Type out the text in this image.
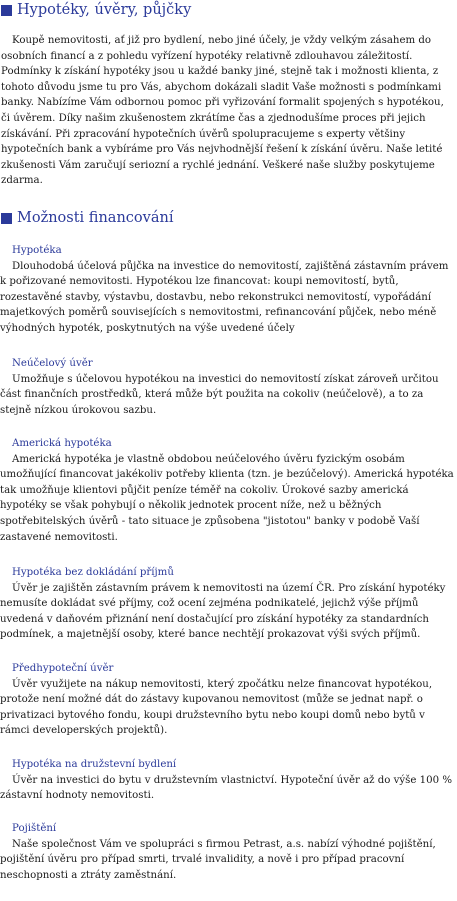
Hypotéky, úvěry, půjčky

Koupě nemovitosti, ať již pro bydlení, nebo jiné účely, je vždy velkým zásahem do osobních financí a z pohledu vyřízení hypotéky relativně zdlouhavou záležitostí. Podmínky k získání hypotéky jsou u každé banky jiné, stejně tak i možnosti klienta, z tohoto důvodu jsme tu pro Vás, abychom dokázali sladit Vaše možnosti s podmínkami banky. Nabízíme Vám odbornou pomoc při vyřizování formalit spojených s hypotékou, či úvěrem. Díky našim zkušenostem zkrátíme čas a zjednodušíme proces při jejich získávání. Při zpracování hypotečních úvěrů spolupracujeme s experty většiny hypotečních bank a vybíráme pro Vás nejvhodnější řešení k získání úvěru. Naše letité zkušenosti Vám zaručují seriozní a rychlé jednání. Veškeré naše služby poskytujeme zdarma.

Možnosti financování

Hypotéka

Dlouhodobá účelová půjčka na investice do nemovitostí, zajištěná zástavním právem k pořizované nemovitosti. Hypotékou lze financovat: koupi nemovitostí, bytů, rozestavěné stavby, výstavbu, dostavbu, nebo rekonstrukci nemovitostí, vypořádání majetkových poměrů souvisejících s nemovitostmi, refinancování půjček, nebo méně výhodných hypoték, poskytnutých na výše uvedené účely

Neúčelový úvěr

Umožňuje s účelovou hypotékou na investici do nemovitostí získat zároveň určitou část finančních prostředků, která může být použita na cokoliv (neúčelově), a to za stejně nízkou úrokovou sazbu.

Americká hypotéka

Americká hypotéka je vlastně obdobou neúčelového úvěru fyzickým osobám umožňující financovat jakékoliv potřeby klienta (tzn. je bezúčelový). Americká hypotéka tak umožňuje klientovi půjčit peníze téměř na cokoliv. Úrokové sazby americká hypotéky se však pohybují o několik jednotek procent níže, než u běžných spotřebitelských úvěrů - tato situace je způsobena "jistotou" banky v podobě Vaší zastavené nemovitosti.

Hypotéka bez dokládání příjmů

Úvěr je zajištěn zástavním právem k nemovitosti na území ČR. Pro získání hypotéky nemusíte dokládat své příjmy, což ocení zejména podnikatelé, jejichž výše příjmů uvedená v daňovém přiznání není dostačující pro získání hypotéky za standardních podmínek, a majetnější osoby, které bance nechtějí prokazovat výši svých příjmů.

Předhypoteční úvěr

Úvěr využijete na nákup nemovitosti, který zpočátku nelze financovat hypotékou, protože není možné dát do zástavy kupovanou nemovitost (může se jednat např. o privatizaci bytového fondu, koupi družstevního bytu nebo koupi domů nebo bytů v rámci developerských projektů).

Hypotéka na družstevní bydlení

Úvěr na investici do bytu v družstevním vlastnictví. Hypoteční úvěr až do výše 100 % zástavní hodnoty nemovitosti.

Pojištění

Naše společnost Vám ve spolupráci s firmou Petrast, a.s. nabízí výhodné pojištění, pojištění úvěru pro případ smrti, trvalé invalidity, a nově i pro případ pracovní neschopnosti a ztráty zaměstnání.
